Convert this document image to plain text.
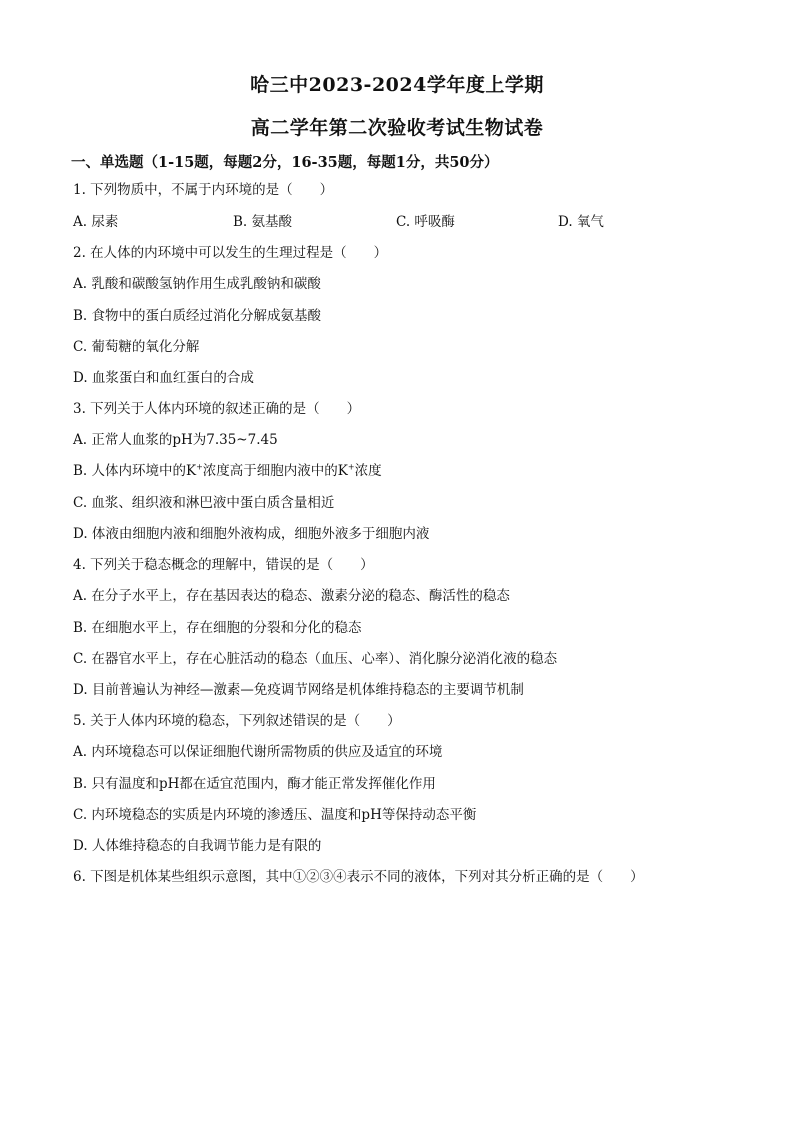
哈三中2023-2024学年度上学期
高二学年第二次验收考试生物试卷
一、单选题（1-15题，每题2分，16-35题，每题1分，共50分）
1. 下列物质中，不属于内环境的是（　　）
A. 尿素	B. 氨基酸	C. 呼吸酶	D. 氧气
2. 在人体的内环境中可以发生的生理过程是（　　）
A. 乳酸和碳酸氢钠作用生成乳酸钠和碳酸
B. 食物中的蛋白质经过消化分解成氨基酸
C. 葡萄糖的氧化分解
D. 血浆蛋白和血红蛋白的合成
3. 下列关于人体内环境的叙述正确的是（　　）
A. 正常人血浆的pH为7.35~7.45
B. 人体内环境中的K+浓度高于细胞内液中的K+浓度
C. 血浆、组织液和淋巴液中蛋白质含量相近
D. 体液由细胞内液和细胞外液构成，细胞外液多于细胞内液
4. 下列关于稳态概念的理解中，错误的是（　　）
A. 在分子水平上，存在基因表达的稳态、激素分泌的稳态、酶活性的稳态
B. 在细胞水平上，存在细胞的分裂和分化的稳态
C. 在器官水平上，存在心脏活动的稳态（血压、心率）、消化腺分泌消化液的稳态
D. 目前普遍认为神经—激素—免疫调节网络是机体维持稳态的主要调节机制
5. 关于人体内环境的稳态，下列叙述错误的是（　　）
A. 内环境稳态可以保证细胞代谢所需物质的供应及适宜的环境
B. 只有温度和pH都在适宜范围内，酶才能正常发挥催化作用
C. 内环境稳态的实质是内环境的渗透压、温度和pH等保持动态平衡
D. 人体维持稳态的自我调节能力是有限的
6. 下图是机体某些组织示意图，其中①②③④表示不同的液体，下列对其分析正确的是（　　）
